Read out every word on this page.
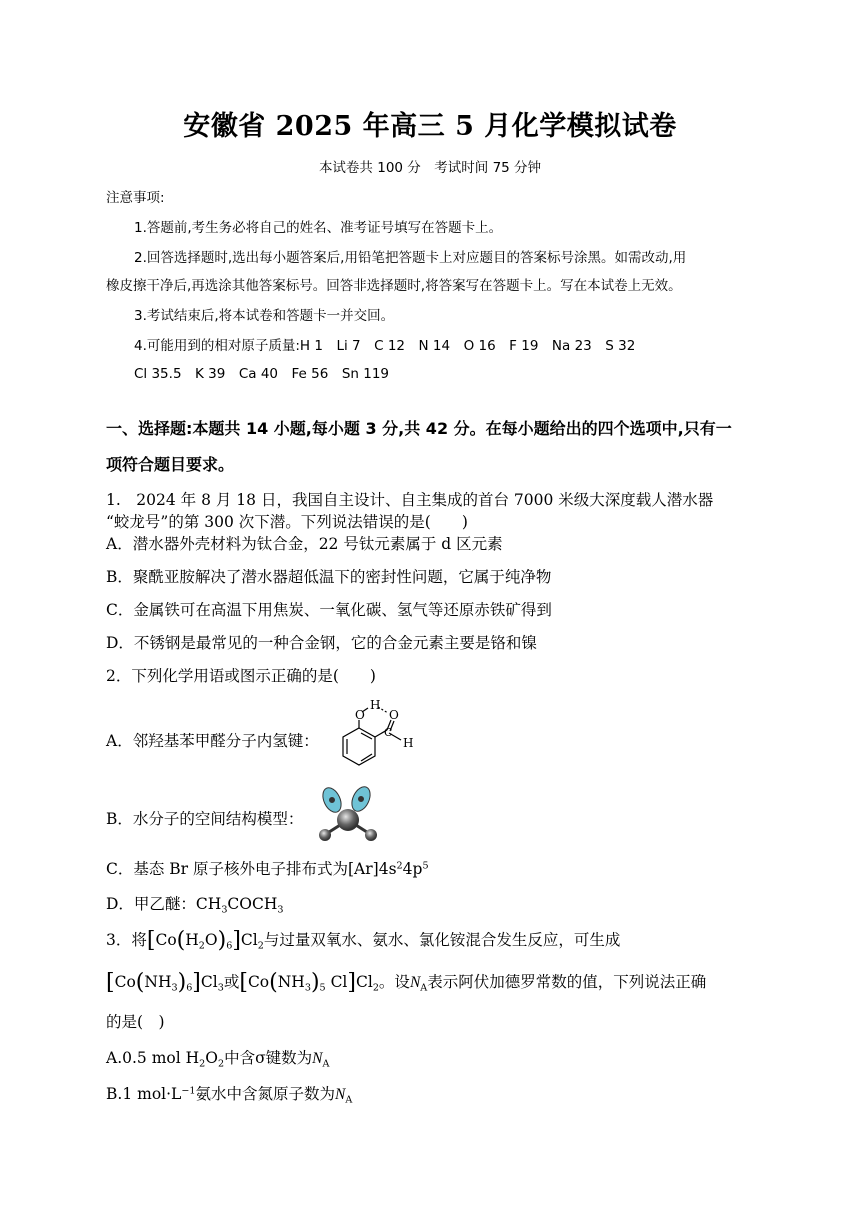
安徽省 2025 年高三 5 月化学模拟试卷
本试卷共 100 分　考试时间 75 分钟
注意事项:
1.答题前,考生务必将自己的姓名、准考证号填写在答题卡上。
2.回答选择题时,选出每小题答案后,用铅笔把答题卡上对应题目的答案标号涂黑。如需改动,用
橡皮擦干净后,再选涂其他答案标号。回答非选择题时,将答案写在答题卡上。写在本试卷上无效。
3.考试结束后,将本试卷和答题卡一并交回。
4.可能用到的相对原子质量:H 1　Li 7　C 12　N 14　O 16　F 19　Na 23　S 32
Cl 35.5　K 39　Ca 40　Fe 56　Sn 119
一、选择题:本题共 14 小题,每小题 3 分,共 42 分。在每小题给出的四个选项中,只有一
项符合题目要求。
1.　2024 年 8 月 18 日，我国自主设计、自主集成的首台 7000 米级大深度载人潜水器
“蛟龙号”的第 300 次下潜。下列说法错误的是(　　)
A．潜水器外壳材料为钛合金，22 号钛元素属于 d 区元素
B．聚酰亚胺解决了潜水器超低温下的密封性问题，它属于纯净物
C．金属铁可在高温下用焦炭、一氧化碳、氢气等还原赤铁矿得到
D．不锈钢是最常见的一种合金钢，它的合金元素主要是铬和镍
2．下列化学用语或图示正确的是(　　)
A．邻羟基苯甲醛分子内氢键：
O
H
O
C
H
B．水分子的空间结构模型：
C．基态 Br 原子核外电子排布式为$[Ar]4s^24p^5$
D．甲乙醚：$CH_3COCH_3$
3．将$[Co(H_2O)_6]Cl_2$与过量双氧水、氨水、氯化铵混合发生反应，可生成
$[Co(NH_3)_6]Cl_3$或[$Co(NH_3)_5$ $Cl]Cl_2$。设$N_A$表示阿伏加德罗常数的值，下列说法正确
的是(　)
A.0.5 mol $H_2O_2$中含σ键数为$N_A$
B.1 $mol\cdot L^{-1}$氨水中含氮原子数为$N_A$
